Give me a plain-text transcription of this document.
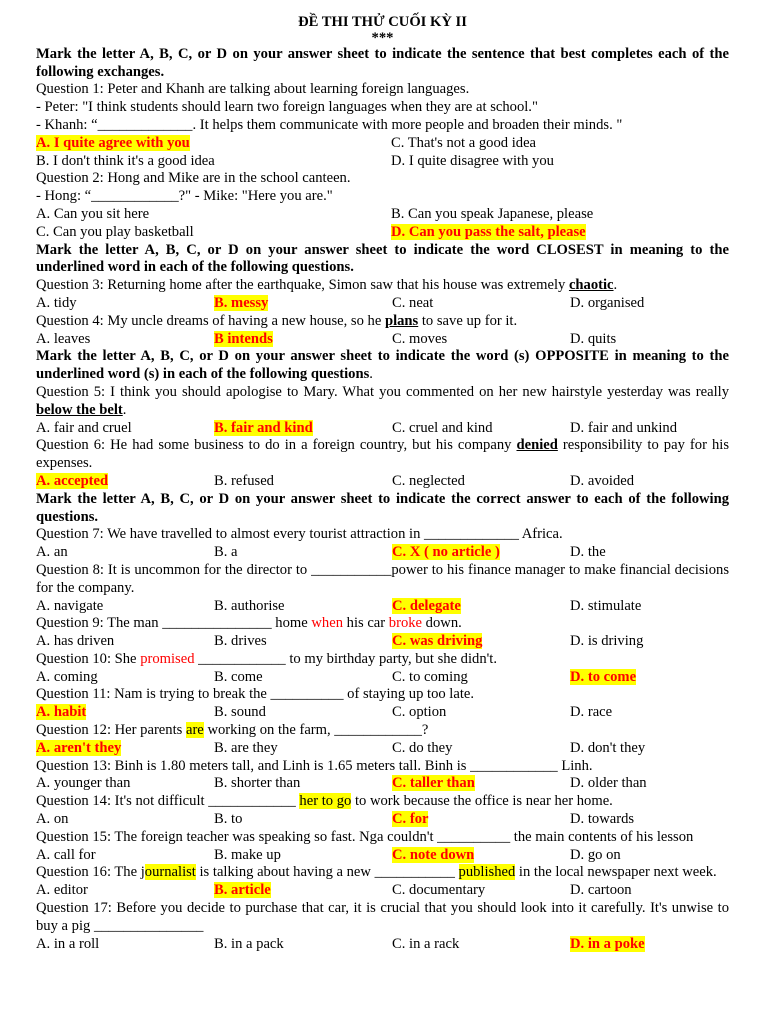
ĐỀ THI THỬ CUỐI KỲ II
***
Mark the letter A, B, C, or D on your answer sheet to indicate the sentence that best completes each of the following exchanges.
Question 1: Peter and Khanh are talking about learning foreign languages.
- Peter: "I think students should learn two foreign languages when they are at school."
- Khanh: “_____________. It helps them communicate with more people and broaden their minds. "
A. I quite agree with you	C. That's not a good idea
B. I don't think it's a good idea	D. I quite disagree with you
Question 2: Hong and Mike are in the school canteen.
- Hong: “____________?" - Mike: "Here you are."
A. Can you sit here	B. Can you speak Japanese, please
C. Can you play basketball	D. Can you pass the salt, please
Mark the letter A, B, C, or D on your answer sheet to indicate the word CLOSEST in meaning to the underlined word in each of the following questions.
Question 3: Returning home after the earthquake, Simon saw that his house was extremely chaotic.
A. tidy	B. messy	C. neat	D. organised
Question 4: My uncle dreams of having a new house, so he plans to save up for it.
A. leaves	B intends	C. moves	D. quits
Mark the letter A, B, C, or D on your answer sheet to indicate the word (s) OPPOSITE in meaning to the underlined word (s) in each of the following questions.
Question 5: I think you should apologise to Mary. What you commented on her new hairstyle yesterday was really below the belt.
A. fair and cruel	B. fair and kind	C. cruel and kind	D. fair and unkind
Question 6: He had some business to do in a foreign country, but his company denied responsibility to pay for his expenses.
A. accepted	B. refused	C. neglected	D. avoided
Mark the letter A, B, C, or D on your answer sheet to indicate the correct answer to each of the following questions.
Question 7: We have travelled to almost every tourist attraction in _____________ Africa.
A. an	B. a	C. X ( no article )	D. the
Question 8: It is uncommon for the director to ___________power to his finance manager to make financial decisions for the company.
A. navigate	B. authorise	C. delegate	D. stimulate
Question 9: The man _______________ home when his car broke down.
A. has driven	B. drives	C. was driving	D. is driving
Question 10: She promised ____________ to my birthday party, but she didn't.
A. coming	B. come	C. to coming	D. to come
Question 11: Nam is trying to break the __________ of staying up too late.
A. habit	B. sound	C. option	D. race
Question 12: Her parents are working on the farm, ____________?
A. aren't they	B. are they	C. do they	D. don't they
Question 13: Binh is 1.80 meters tall, and Linh is 1.65 meters tall. Binh is ____________ Linh.
A. younger than	B. shorter than	C. taller than	D. older than
Question 14: It's not difficult ____________ her to go to work because the office is near her home.
A. on	B. to	C. for	D. towards
Question 15: The foreign teacher was speaking so fast. Nga couldn't __________ the main contents of his lesson
A. call for	B. make up	C. note down	D. go on
Question 16: The journalist is talking about having a new ___________ published in the local newspaper next week.
A. editor	B. article	C. documentary	D. cartoon
Question 17: Before you decide to purchase that car, it is crucial that you should look into it carefully. It's unwise to buy a pig _______________
A. in a roll	B. in a pack	C. in a rack	D. in a poke
